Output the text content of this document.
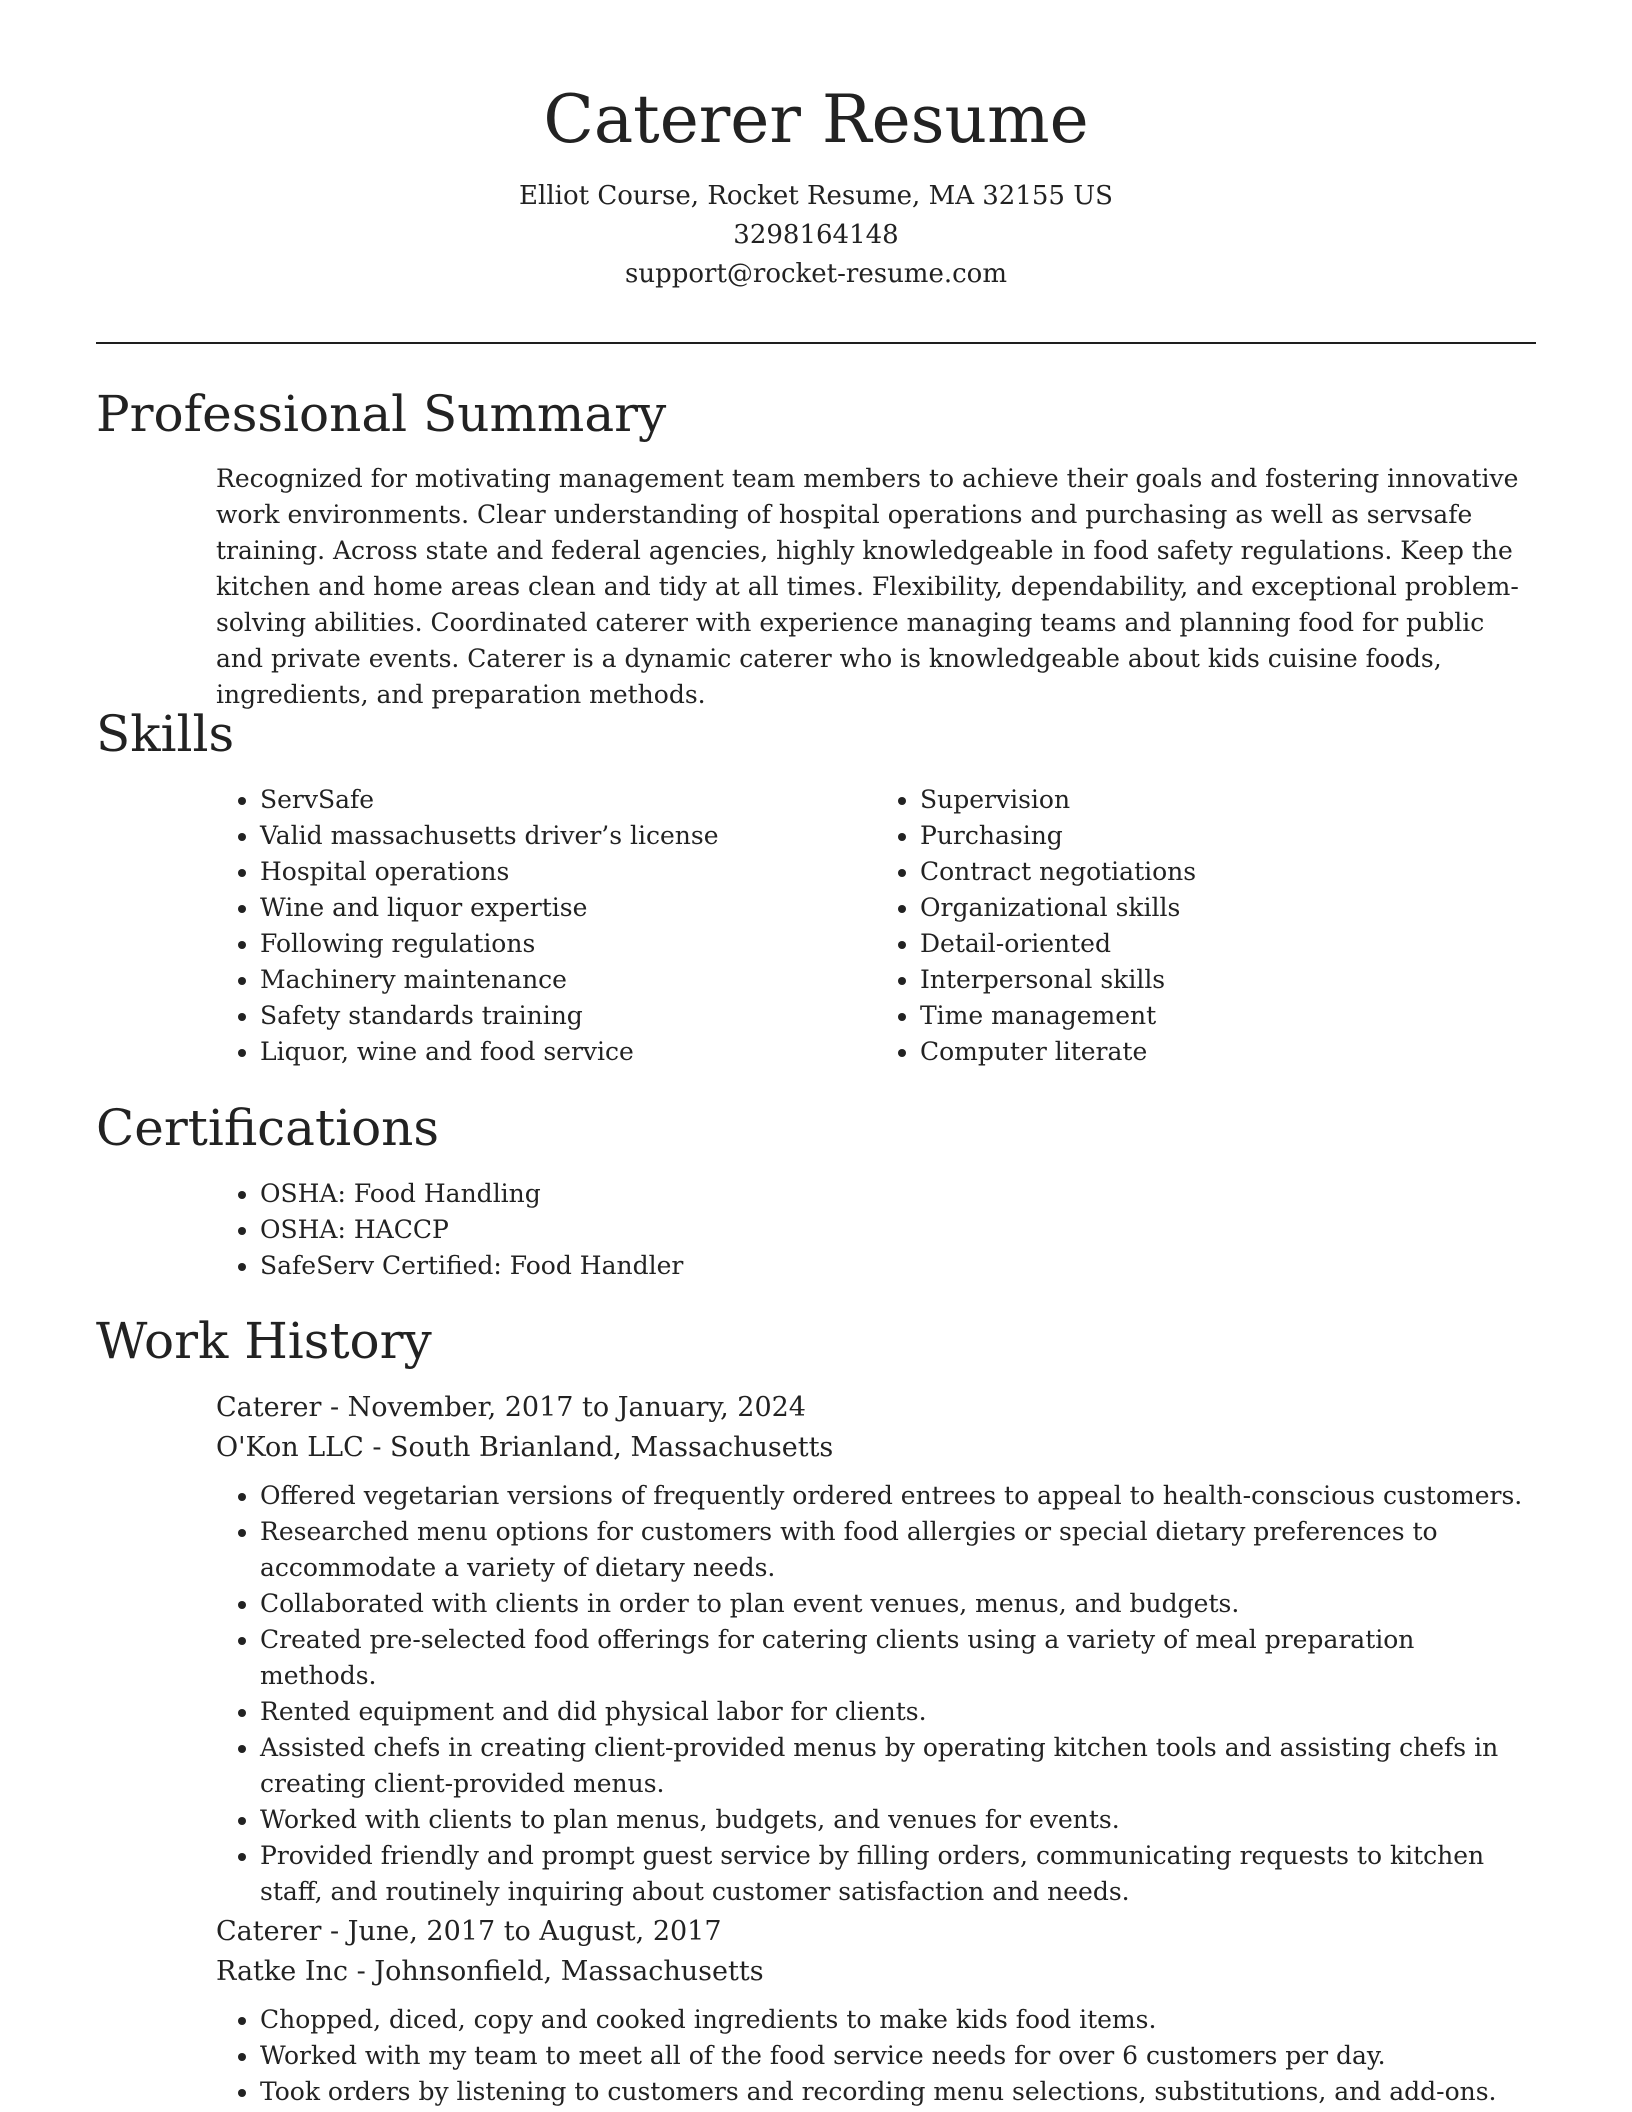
Caterer Resume
Elliot Course, Rocket Resume, MA 32155 US
3298164148
support@rocket-resume.com
Professional Summary

Recognized for motivating management team members to achieve their goals and fostering innovative work environments. Clear understanding of hospital operations and purchasing as well as servsafe training. Across state and federal agencies, highly knowledgeable in food safety regulations. Keep the kitchen and home areas clean and tidy at all times. Flexibility, dependability, and exceptional problem-solving abilities. Coordinated caterer with experience managing teams and planning food for public and private events. Caterer is a dynamic caterer who is knowledgeable about kids cuisine foods, ingredients, and preparation methods.

Skills
• ServSafe
• Valid massachusetts driver’s license
• Hospital operations
• Wine and liquor expertise
• Following regulations
• Machinery maintenance
• Safety standards training
• Liquor, wine and food service
• Supervision
• Purchasing
• Contract negotiations
• Organizational skills
• Detail-oriented
• Interpersonal skills
• Time management
• Computer literate
Certifications
• OSHA: Food Handling
• OSHA: HACCP
• SafeServ Certified: Food Handler
Work History
Caterer - November, 2017 to January, 2024
O'Kon LLC - South Brianland, Massachusetts
• Offered vegetarian versions of frequently ordered entrees to appeal to health-conscious customers.
• Researched menu options for customers with food allergies or special dietary preferences to accommodate a variety of dietary needs.
• Collaborated with clients in order to plan event venues, menus, and budgets.
• Created pre-selected food offerings for catering clients using a variety of meal preparation methods.
• Rented equipment and did physical labor for clients.
• Assisted chefs in creating client-provided menus by operating kitchen tools and assisting chefs in creating client-provided menus.
• Worked with clients to plan menus, budgets, and venues for events.
• Provided friendly and prompt guest service by filling orders, communicating requests to kitchen staff, and routinely inquiring about customer satisfaction and needs.
Caterer - June, 2017 to August, 2017
Ratke Inc - Johnsonfield, Massachusetts
• Chopped, diced, copy and cooked ingredients to make kids food items.
• Worked with my team to meet all of the food service needs for over 6 customers per day.
• Took orders by listening to customers and recording menu selections, substitutions, and add-ons.
